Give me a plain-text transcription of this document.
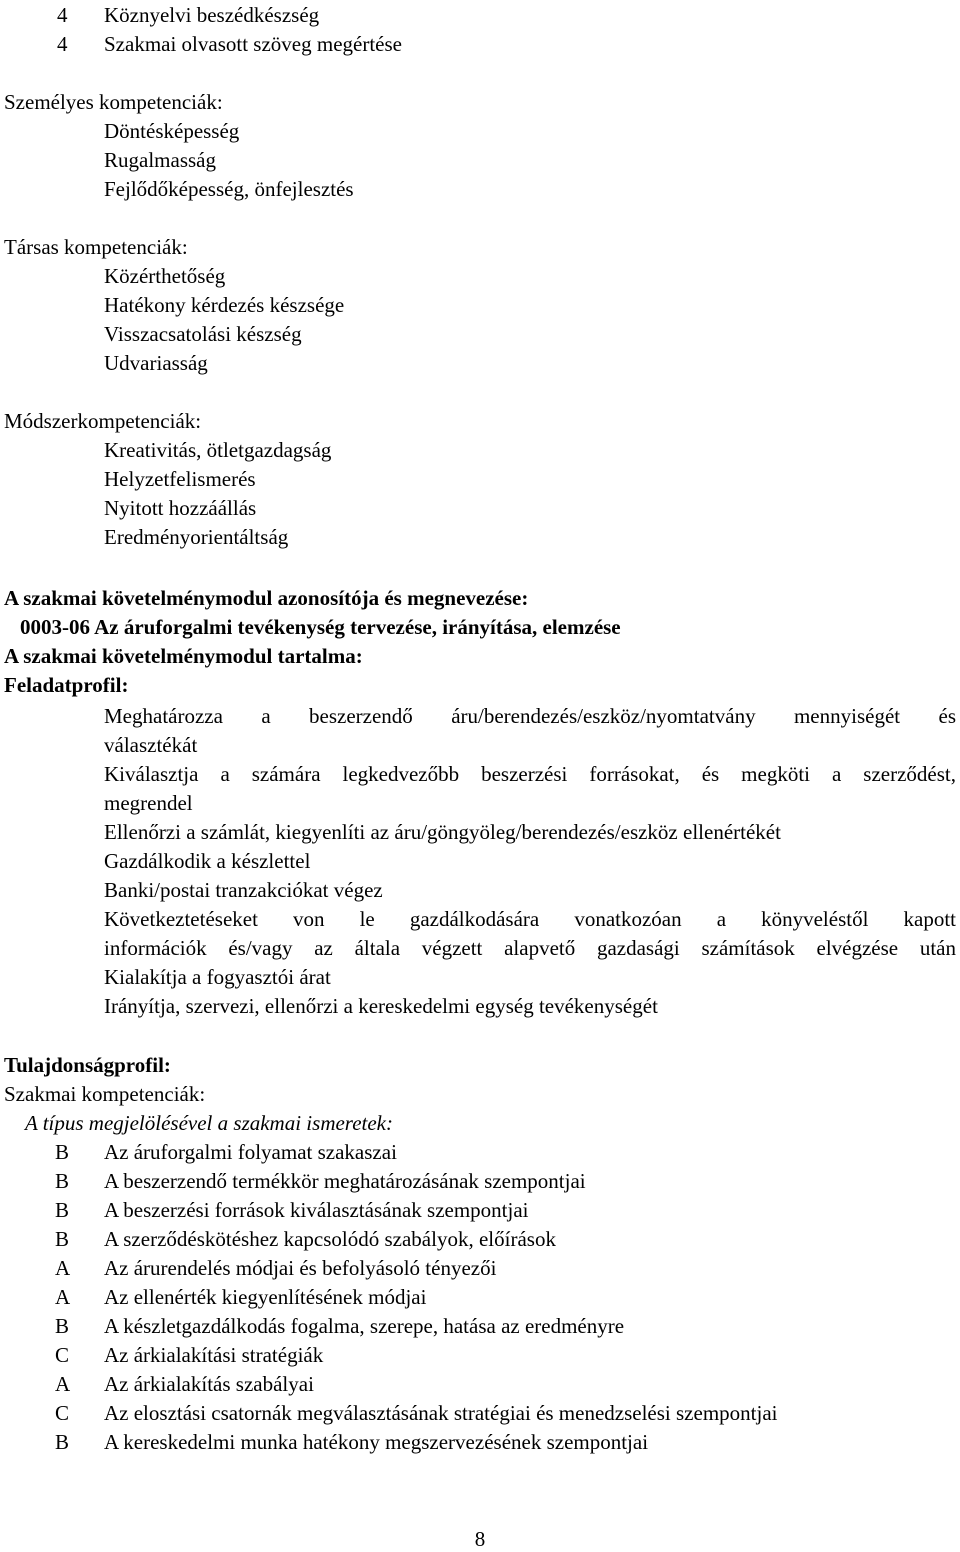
4 Köznyelvi beszédkészség
4 Szakmai olvasott szöveg megértése
Személyes kompetenciák:
Döntésképesség
Rugalmasság
Fejlődőképesség, önfejlesztés
Társas kompetenciák:
Közérthetőség
Hatékony kérdezés készsége
Visszacsatolási készség
Udvariasság
Módszerkompetenciák:
Kreativitás, ötletgazdagság
Helyzetfelismerés
Nyitott hozzáállás
Eredményorientáltság
A szakmai követelménymodul azonosítója és megnevezése:
0003-06 Az áruforgalmi tevékenység tervezése, irányítása, elemzése
A szakmai követelménymodul tartalma:
Feladatprofil:
Meghatározza a beszerzendő áru/berendezés/eszköz/nyomtatvány mennyiségét és
választékát
Kiválasztja a számára legkedvezőbb beszerzési forrásokat, és megköti a szerződést,
megrendel
Ellenőrzi a számlát, kiegyenlíti az áru/göngyöleg/berendezés/eszköz ellenértékét
Gazdálkodik a készlettel
Banki/postai tranzakciókat végez
Következtetéseket von le gazdálkodására vonatkozóan a könyveléstől kapott
információk és/vagy az általa végzett alapvető gazdasági számítások elvégzése után
Kialakítja a fogyasztói árat
Irányítja, szervezi, ellenőrzi a kereskedelmi egység tevékenységét
Tulajdonságprofil:
Szakmai kompetenciák:
A típus megjelölésével a szakmai ismeretek:
B Az áruforgalmi folyamat szakaszai
B A beszerzendő termékkör meghatározásának szempontjai
B A beszerzési források kiválasztásának szempontjai
B A szerződéskötéshez kapcsolódó szabályok, előírások
A Az árurendelés módjai és befolyásoló tényezői
A Az ellenérték kiegyenlítésének módjai
B A készletgazdálkodás fogalma, szerepe, hatása az eredményre
C Az árkialakítási stratégiák
A Az árkialakítás szabályai
C Az elosztási csatornák megválasztásának stratégiai és menedzselési szempontjai
B A kereskedelmi munka hatékony megszervezésének szempontjai
8
